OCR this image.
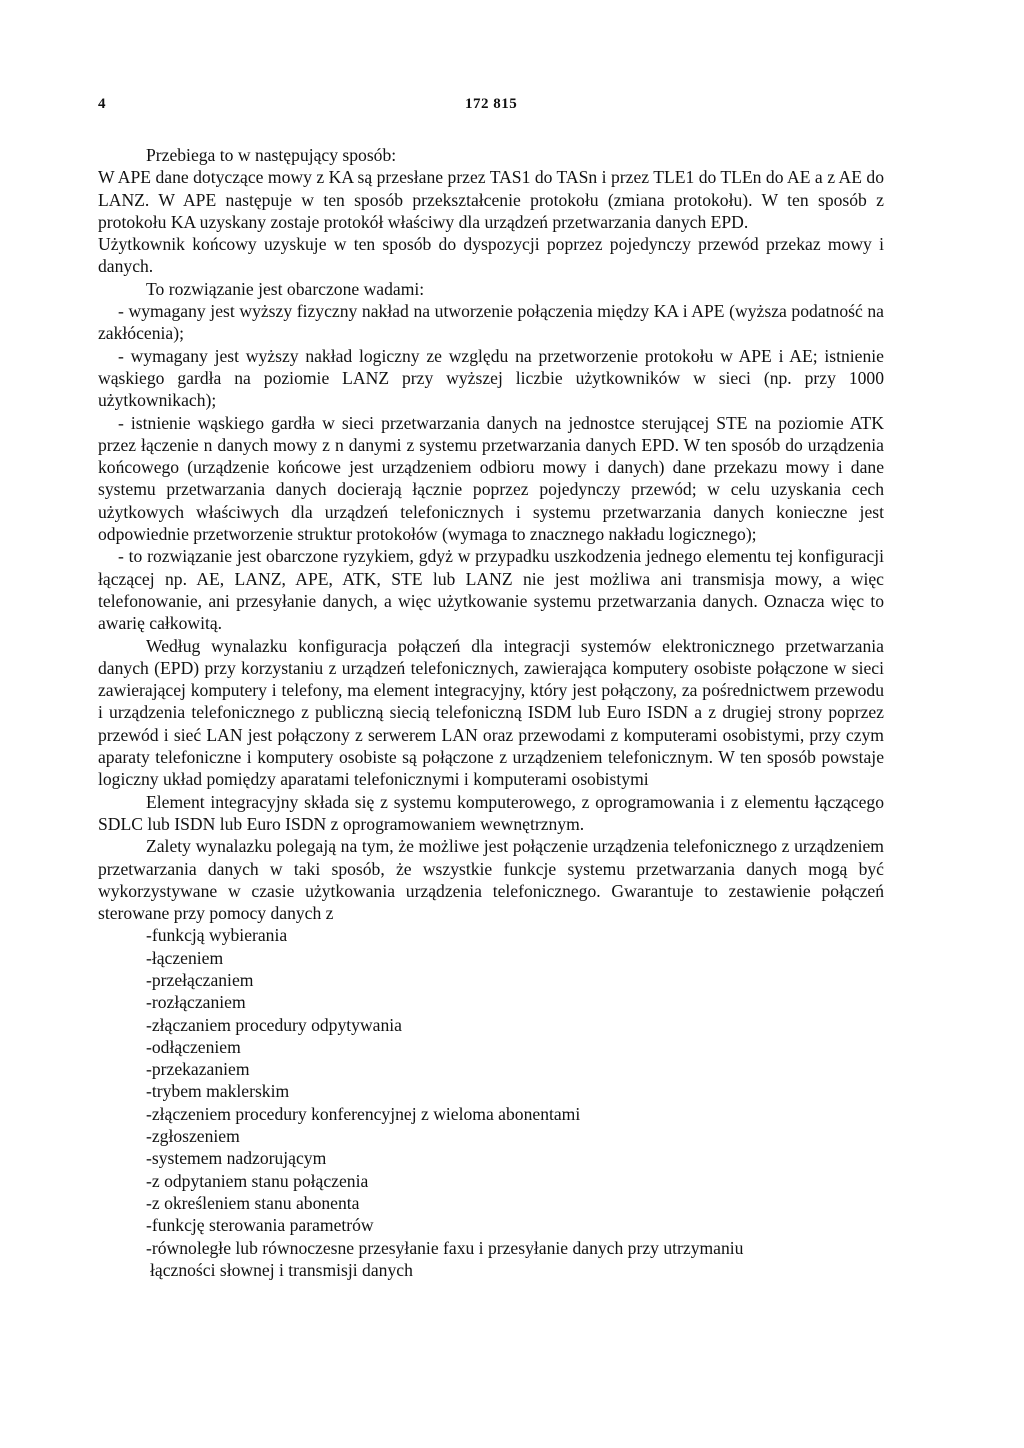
4	172 815

Przebiega to w następujący sposób:

W APE dane dotyczące mowy z KA są przesłane przez TAS1 do TASn i przez TLE1 do TLEn do AE a z AE do LANZ. W APE następuje w ten sposób przekształcenie protokołu (zmiana protokołu). W ten sposób z protokołu KA uzyskany zostaje protokół właściwy dla urządzeń przetwarzania danych EPD.

Użytkownik końcowy uzyskuje w ten sposób do dyspozycji poprzez pojedynczy przewód przekaz mowy i danych.

To rozwiązanie jest obarczone wadami:

- wymagany jest wyższy fizyczny nakład na utworzenie połączenia między KA i APE (wyższa podatność na zakłócenia);

- wymagany jest wyższy nakład logiczny ze względu na przetworzenie protokołu w APE i AE; istnienie wąskiego gardła na poziomie LANZ przy wyższej liczbie użytkowników w sieci (np. przy 1000 użytkownikach);

- istnienie wąskiego gardła w sieci przetwarzania danych na jednostce sterującej STE na poziomie ATK przez łączenie n danych mowy z n danymi z systemu przetwarzania danych EPD. W ten sposób do urządzenia końcowego (urządzenie końcowe jest urządzeniem odbioru mowy i danych) dane przekazu mowy i dane systemu przetwarzania danych docierają łącznie poprzez pojedynczy przewód; w celu uzyskania cech użytkowych właściwych dla urządzeń telefonicznych i systemu przetwarzania danych konieczne jest odpowiednie przetworzenie struktur protokołów (wymaga to znacznego nakładu logicznego);

- to rozwiązanie jest obarczone ryzykiem, gdyż w przypadku uszkodzenia jednego elementu tej konfiguracji łączącej np. AE, LANZ, APE, ATK, STE lub LANZ nie jest możliwa ani transmisja mowy, a więc telefonowanie, ani przesyłanie danych, a więc użytkowanie systemu przetwarzania danych. Oznacza więc to awarię całkowitą.

Według wynalazku konfiguracja połączeń dla integracji systemów elektronicznego przetwarzania danych (EPD) przy korzystaniu z urządzeń telefonicznych, zawierająca komputery osobiste połączone w sieci zawierającej komputery i telefony, ma element integracyjny, który jest połączony, za pośrednictwem przewodu i urządzenia telefonicznego z publiczną siecią telefoniczną ISDM lub Euro ISDN a z drugiej strony poprzez przewód i sieć LAN jest połączony z serwerem LAN oraz przewodami z komputerami osobistymi, przy czym aparaty telefoniczne i komputery osobiste są połączone z urządzeniem telefonicznym. W ten sposób powstaje logiczny układ pomiędzy aparatami telefonicznymi i komputerami osobistymi

Element integracyjny składa się z systemu komputerowego, z oprogramowania i z elementu łączącego SDLC lub ISDN lub Euro ISDN z oprogramowaniem wewnętrznym.

Zalety wynalazku polegają na tym, że możliwe jest połączenie urządzenia telefonicznego z urządzeniem przetwarzania danych w taki sposób, że wszystkie funkcje systemu przetwarzania danych mogą być wykorzystywane w czasie użytkowania urządzenia telefonicznego. Gwarantuje to zestawienie połączeń sterowane przy pomocy danych z

-funkcją wybierania
-łączeniem
-przełączaniem
-rozłączaniem
-złączaniem procedury odpytywania
-odłączeniem
-przekazaniem
-trybem maklerskim
-złączeniem procedury konferencyjnej z wieloma abonentami
-zgłoszeniem
-systemem nadzorującym
-z odpytaniem stanu połączenia
-z określeniem stanu abonenta
-funkcję sterowania parametrów
-równoległe lub równoczesne przesyłanie faxu i przesyłanie danych przy utrzymaniu
łączności słownej i transmisji danych
